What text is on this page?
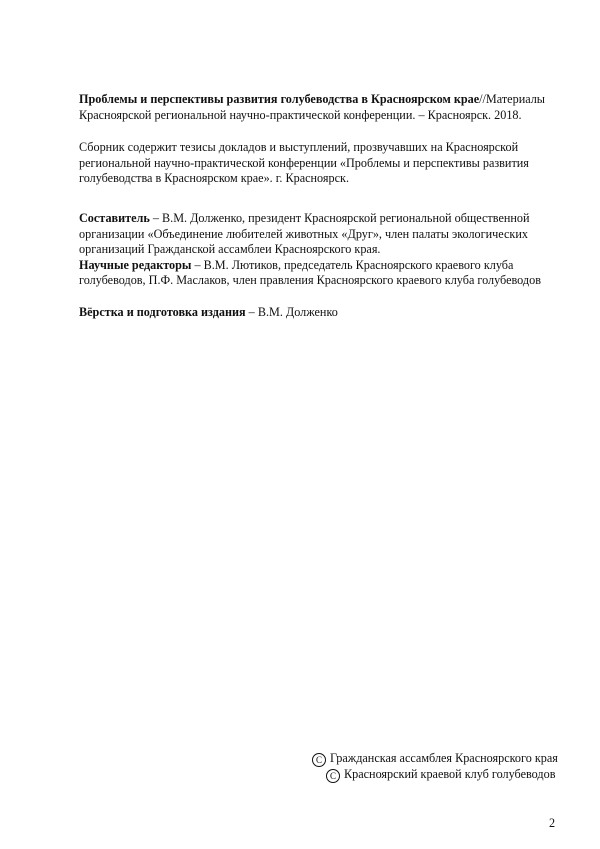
Проблемы и перспективы развития голубеводства в Красноярском крае//Материалы Красноярской региональной научно-практической конференции. – Красноярск. 2018.

Сборник содержит тезисы докладов и выступлений, прозвучавших на Красноярской региональной научно-практической конференции «Проблемы и перспективы развития голубеводства в Красноярском крае». г. Красноярск.

Составитель – В.М. Долженко, президент Красноярской региональной общественной организации «Объединение любителей животных «Друг», член палаты экологических организаций Гражданской ассамблеи Красноярского края.

Научные редакторы – В.М. Лютиков, председатель Красноярского краевого клуба голубеводов, П.Ф. Маслаков, член правления Красноярского краевого клуба голубеводов

Вёрстка и подготовка издания – В.М. Долженко

С Гражданская ассамблея Красноярского края
С Красноярский краевой клуб голубеводов
2
